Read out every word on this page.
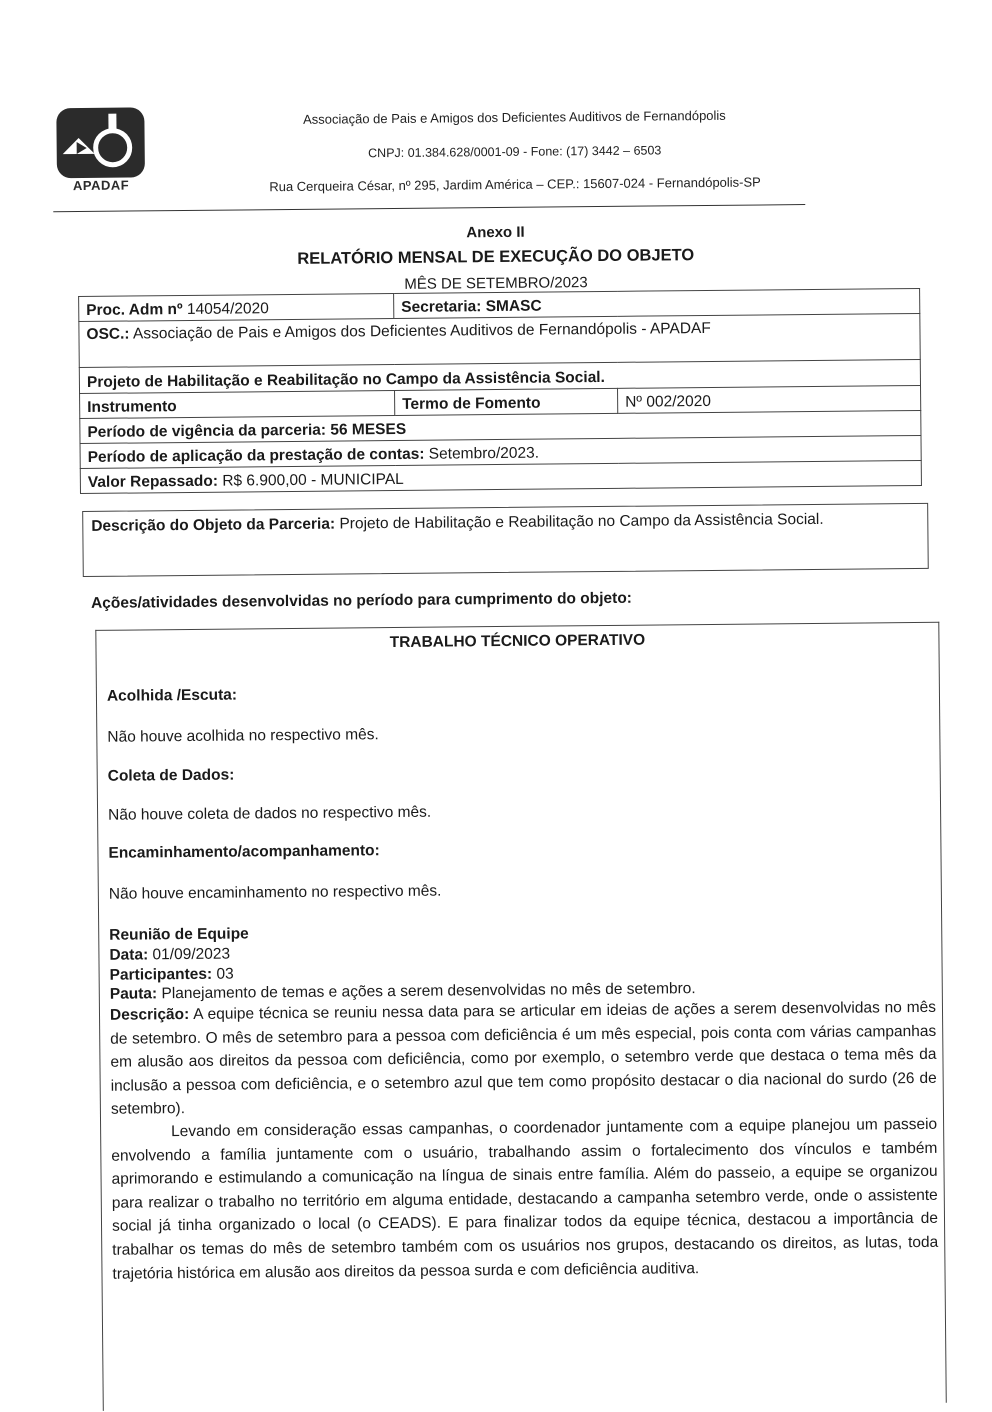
APADAF
Associação de Pais e Amigos dos Deficientes Auditivos de Fernandópolis
CNPJ: 01.384.628/0001-09 - Fone: (17) 3442 – 6503
Rua Cerqueira César, nº 295, Jardim América – CEP.: 15607-024 - Fernandópolis-SP
Anexo II
RELATÓRIO MENSAL DE EXECUÇÃO DO OBJETO
MÊS DE SETEMBRO/2023
Proc. Adm nº 14054/2020	Secretaria: SMASC	
OSC.: Associação de Pais e Amigos dos Deficientes Auditivos de Fernandópolis - APADAF		
Projeto de Habilitação e Reabilitação no Campo da Assistência Social.		
Instrumento	Termo de Fomento	Nº 002/2020
Período de vigência da parceria: 56 MESES		
Período de aplicação da prestação de contas: Setembro/2023.		
Valor Repassado: R$ 6.900,00 - MUNICIPAL		
Descrição do Objeto da Parceria: Projeto de Habilitação e Reabilitação no Campo da Assistência Social.
Ações/atividades desenvolvidas no período para cumprimento do objeto:
TRABALHO TÉCNICO OPERATIVO
Acolhida /Escuta:
Não houve acolhida no respectivo mês.
Coleta de Dados:
Não houve coleta de dados no respectivo mês.
Encaminhamento/acompanhamento:
Não houve encaminhamento no respectivo mês.
Reunião de Equipe
Data: 01/09/2023
Participantes: 03
Pauta: Planejamento de temas e ações a serem desenvolvidas no mês de setembro.
Descrição: A equipe técnica se reuniu nessa data para se articular em ideias de ações a serem desenvolvidas no mês de setembro. O mês de setembro para a pessoa com deficiência é um mês especial, pois conta com várias campanhas em alusão aos direitos da pessoa com deficiência, como por exemplo, o setembro verde que destaca o tema mês da inclusão a pessoa com deficiência, e o setembro azul que tem como propósito destacar o dia nacional do surdo (26 de setembro).
Levando em consideração essas campanhas, o coordenador juntamente com a equipe planejou um passeio envolvendo a família juntamente com o usuário, trabalhando assim o fortalecimento dos vínculos e também aprimorando e estimulando a comunicação na língua de sinais entre família. Além do passeio, a equipe se organizou para realizar o trabalho no território em alguma entidade, destacando a campanha setembro verde, onde o assistente social já tinha organizado o local (o CEADS). E para finalizar todos da equipe técnica, destacou a importância de trabalhar os temas do mês de setembro também com os usuários nos grupos, destacando os direitos, as lutas, toda trajetória histórica em alusão aos direitos da pessoa surda e com deficiência auditiva.
